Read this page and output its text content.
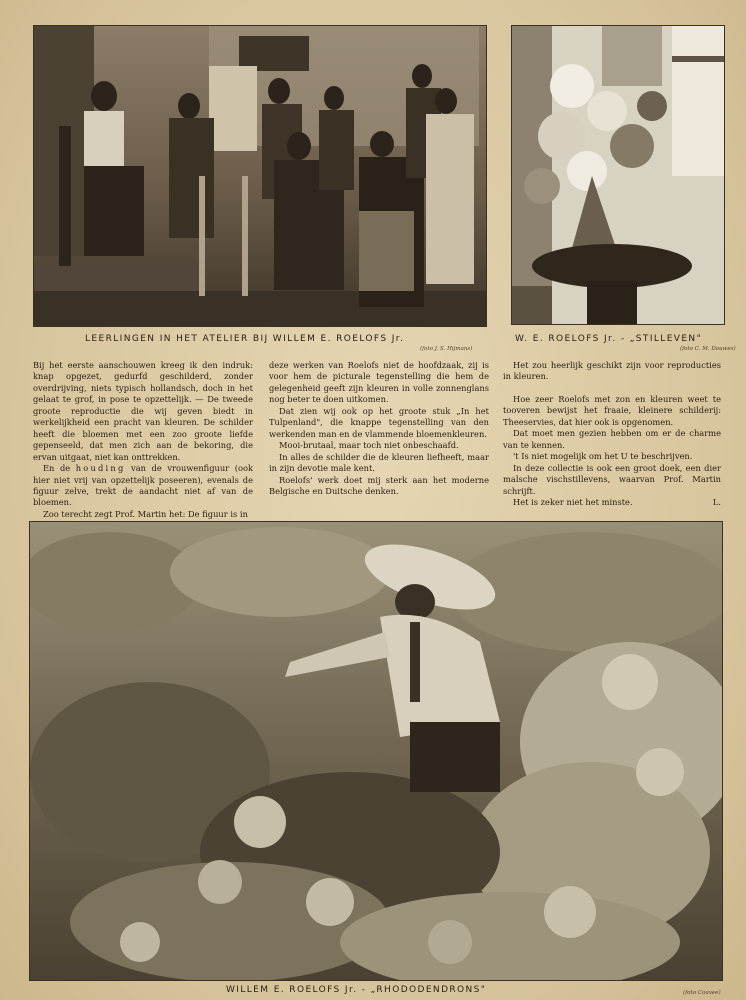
LEERLINGEN IN HET ATELIER BIJ WILLEM E. ROELOFS Jr.
(foto J. S. Hijmans)
W. E. ROELOFS Jr. - „STILLEVEN"
(foto C. M. Douwes)

Bij het eerste aanschouwen kreeg ik den indruk: knap opgezet, gedurfd geschilderd, zonder overdrijving, niets typisch hollandsch, doch in het gelaat te grof, in pose te opzettelijk. — De tweede groote reproductie die wij geven biedt in werkelijkheid een pracht van kleuren. De schilder heeft die bloemen met een zoo groote liefde gepenseeld, dat men zich aan de bekoring, die ervan uitgaat, niet kan onttrekken.

En de houding van de vrouwenfiguur (ook hier niet vrij van opzettelijk poseeren), evenals de figuur zelve, trekt de aandacht niet af van de bloemen.

Zoo terecht zegt Prof. Martin het: De figuur is in

deze werken van Roelofs niet de hoofdzaak, zij is voor hem de picturale tegenstelling die hem de gelegenheid geeft zijn kleuren in volle zonnenglans nog beter te doen uitkomen.

Dat zien wij ook op het groote stuk „In het Tulpenland", die knappe tegenstelling van den werkenden man en de vlammende bloemenkleuren.

Mooi-brutaal, maar toch niet onbeschaafd.

In alles de schilder die de kleuren liefheeft, maar in zijn devotie male kent.

Roelofs' werk doet mij sterk aan het moderne Belgische en Duitsche denken.

Het zou heerlijk geschikt zijn voor reproducties in kleuren.

Hoe zeer Roelofs met zon en kleuren weet te tooveren bewijst het fraaie, kleinere schilderij: Theeservies, dat hier ook is opgenomen.

Dat moet men gezien hebben om er de charme van te kennen.

't Is niet mogelijk om het U te beschrijven.

In deze collectie is ook een groot doek, een dier malsche vischstillevens, waarvan Prof. Martin schrijft.

Het is zeker niet het minste.	L.

WILLEM E. ROELOFS Jr. - „RHODODENDRONS"	(foto Couvee)
